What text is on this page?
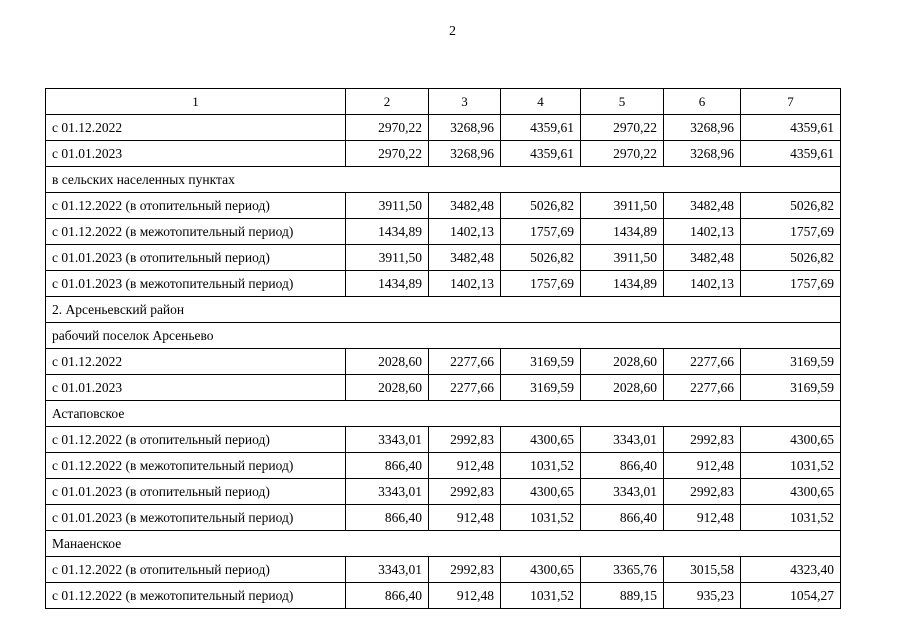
2
1	2	3	4	5	6	7
с 01.12.2022	2970,22	3268,96	4359,61	2970,22	3268,96	4359,61
с 01.01.2023	2970,22	3268,96	4359,61	2970,22	3268,96	4359,61
в сельских населенных пунктах						
с 01.12.2022 (в отопительный период)	3911,50	3482,48	5026,82	3911,50	3482,48	5026,82
с 01.12.2022 (в межотопительный период)	1434,89	1402,13	1757,69	1434,89	1402,13	1757,69
с 01.01.2023 (в отопительный период)	3911,50	3482,48	5026,82	3911,50	3482,48	5026,82
с 01.01.2023 (в межотопительный период)	1434,89	1402,13	1757,69	1434,89	1402,13	1757,69
2. Арсеньевский район						
рабочий поселок Арсеньево						
с 01.12.2022	2028,60	2277,66	3169,59	2028,60	2277,66	3169,59
с 01.01.2023	2028,60	2277,66	3169,59	2028,60	2277,66	3169,59
Астаповское						
с 01.12.2022 (в отопительный период)	3343,01	2992,83	4300,65	3343,01	2992,83	4300,65
с 01.12.2022 (в межотопительный период)	866,40	912,48	1031,52	866,40	912,48	1031,52
с 01.01.2023 (в отопительный период)	3343,01	2992,83	4300,65	3343,01	2992,83	4300,65
с 01.01.2023 (в межотопительный период)	866,40	912,48	1031,52	866,40	912,48	1031,52
Манаенское						
с 01.12.2022 (в отопительный период)	3343,01	2992,83	4300,65	3365,76	3015,58	4323,40
с 01.12.2022 (в межотопительный период)	866,40	912,48	1031,52	889,15	935,23	1054,27
